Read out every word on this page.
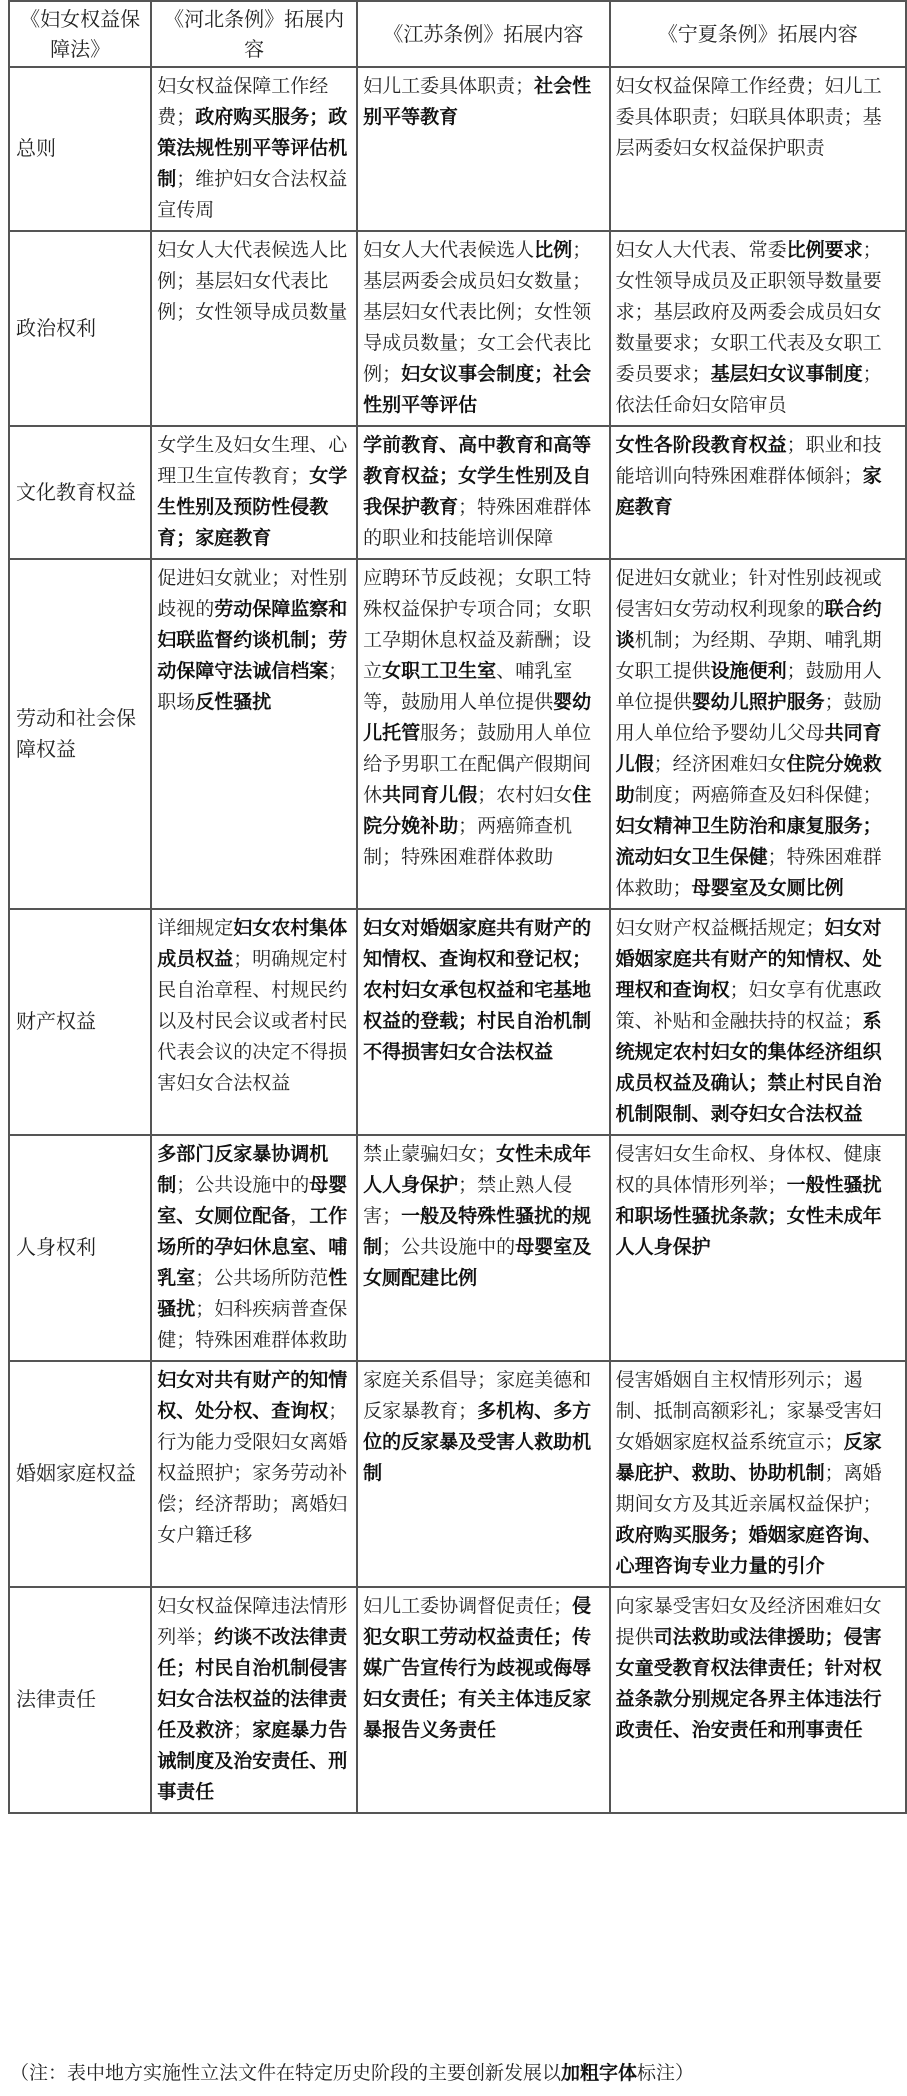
《妇女权益保障法》	《河北条例》拓展内容	《江苏条例》拓展内容	《宁夏条例》拓展内容
总则	妇女权益保障工作经费；政府购买服务；政策法规性别平等评估机制；维护妇女合法权益宣传周	妇儿工委具体职责；社会性别平等教育	妇女权益保障工作经费；妇儿工委具体职责；妇联具体职责；基层两委妇女权益保护职责
政治权利	妇女人大代表候选人比例；基层妇女代表比例；女性领导成员数量	妇女人大代表候选人比例；基层两委会成员妇女数量；基层妇女代表比例；女性领导成员数量；女工会代表比例；妇女议事会制度；社会性别平等评估	妇女人大代表、常委比例要求；女性领导成员及正职领导数量要求；基层政府及两委会成员妇女数量要求；女职工代表及女职工委员要求；基层妇女议事制度；依法任命妇女陪审员
文化教育权益	女学生及妇女生理、心理卫生宣传教育；女学生性别及预防性侵教育；家庭教育	学前教育、高中教育和高等教育权益；女学生性别及自我保护教育；特殊困难群体的职业和技能培训保障	女性各阶段教育权益；职业和技能培训向特殊困难群体倾斜；家庭教育
劳动和社会保障权益	促进妇女就业；对性别歧视的劳动保障监察和妇联监督约谈机制；劳动保障守法诚信档案；职场反性骚扰	应聘环节反歧视；女职工特殊权益保护专项合同；女职工孕期休息权益及薪酬；设立女职工卫生室、哺乳室等，鼓励用人单位提供婴幼儿托管服务；鼓励用人单位给予男职工在配偶产假期间休共同育儿假；农村妇女住院分娩补助；两癌筛查机制；特殊困难群体救助	促进妇女就业；针对性别歧视或侵害妇女劳动权利现象的联合约谈机制；为经期、孕期、哺乳期女职工提供设施便利；鼓励用人单位提供婴幼儿照护服务；鼓励用人单位给予婴幼儿父母共同育儿假；经济困难妇女住院分娩救助制度；两癌筛查及妇科保健；妇女精神卫生防治和康复服务；流动妇女卫生保健；特殊困难群体救助；母婴室及女厕比例
财产权益	详细规定妇女农村集体成员权益；明确规定村民自治章程、村规民约以及村民会议或者村民代表会议的决定不得损害妇女合法权益	妇女对婚姻家庭共有财产的知情权、查询权和登记权；农村妇女承包权益和宅基地权益的登载；村民自治机制不得损害妇女合法权益	妇女财产权益概括规定；妇女对婚姻家庭共有财产的知情权、处理权和查询权；妇女享有优惠政策、补贴和金融扶持的权益；系统规定农村妇女的集体经济组织成员权益及确认；禁止村民自治机制限制、剥夺妇女合法权益
人身权利	多部门反家暴协调机制；公共设施中的母婴室、女厕位配备，工作场所的孕妇休息室、哺乳室；公共场所防范性骚扰；妇科疾病普查保健；特殊困难群体救助	禁止蒙骗妇女；女性未成年人人身保护；禁止熟人侵害；一般及特殊性骚扰的规制；公共设施中的母婴室及女厕配建比例	侵害妇女生命权、身体权、健康权的具体情形列举；一般性骚扰和职场性骚扰条款；女性未成年人人身保护
婚姻家庭权益	妇女对共有财产的知情权、处分权、查询权；行为能力受限妇女离婚权益照护；家务劳动补偿；经济帮助；离婚妇女户籍迁移	家庭关系倡导；家庭美德和反家暴教育；多机构、多方位的反家暴及受害人救助机制	侵害婚姻自主权情形列示；遏制、抵制高额彩礼；家暴受害妇女婚姻家庭权益系统宣示；反家暴庇护、救助、协助机制；离婚期间女方及其近亲属权益保护；政府购买服务；婚姻家庭咨询、心理咨询专业力量的引介
法律责任	妇女权益保障违法情形列举；约谈不改法律责任；村民自治机制侵害妇女合法权益的法律责任及救济；家庭暴力告诫制度及治安责任、刑事责任	妇儿工委协调督促责任；侵犯女职工劳动权益责任；传媒广告宣传行为歧视或侮辱妇女责任；有关主体违反家暴报告义务责任	向家暴受害妇女及经济困难妇女提供司法救助或法律援助；侵害女童受教育权法律责任；针对权益条款分别规定各界主体违法行政责任、治安责任和刑事责任
（注：表中地方实施性立法文件在特定历史阶段的主要创新发展以加粗字体标注）
